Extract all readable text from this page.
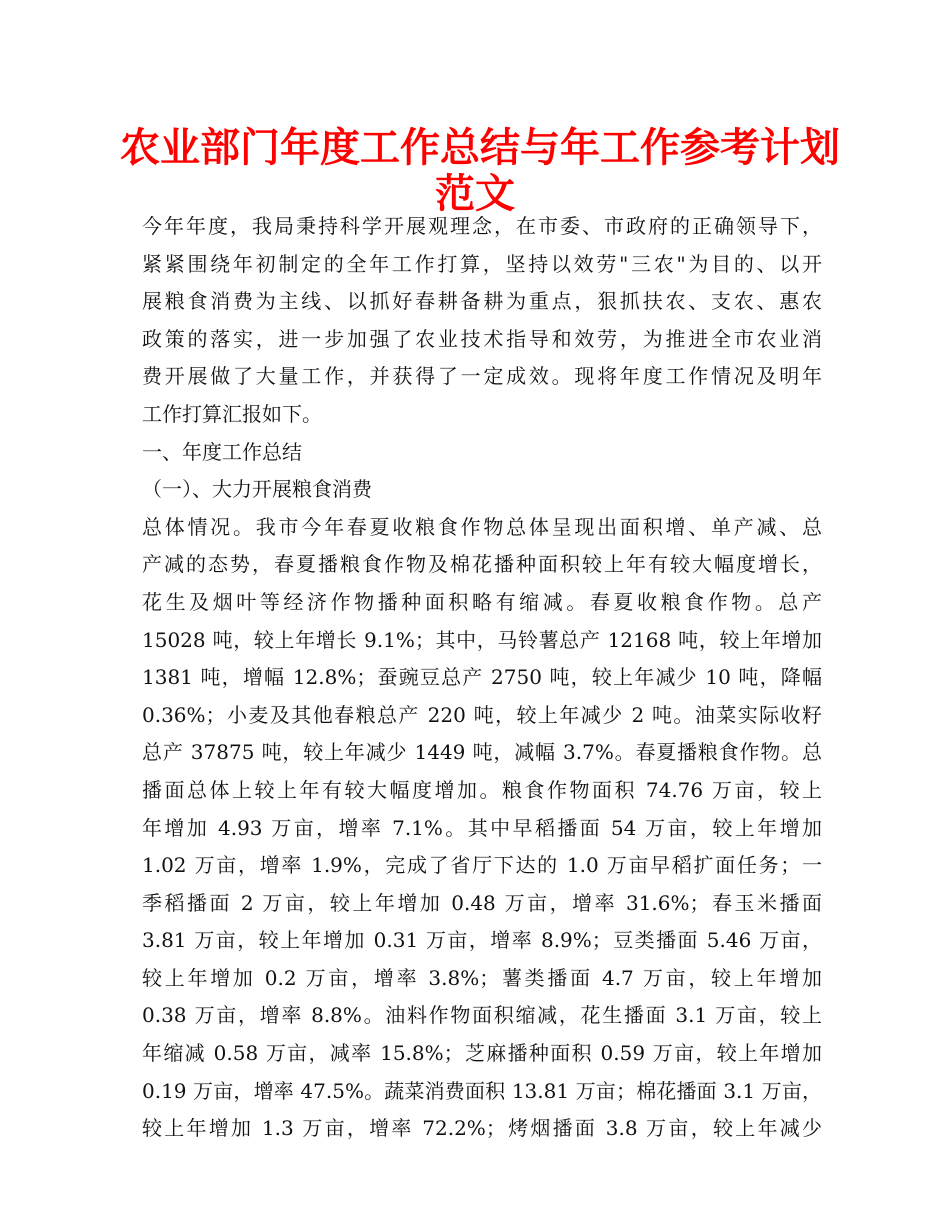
农业部门年度工作总结与年工作参考计划
范文
今年年度，我局秉持科学开展观理念，在市委、市政府的正确领导下，
紧紧围绕年初制定的全年工作打算，坚持以效劳"三农"为目的、以开
展粮食消费为主线、以抓好春耕备耕为重点，狠抓扶农、支农、惠农
政策的落实，进一步加强了农业技术指导和效劳，为推进全市农业消
费开展做了大量工作，并获得了一定成效。现将年度工作情况及明年
工作打算汇报如下。
一、年度工作总结
（一）、大力开展粮食消费
总体情况。我市今年春夏收粮食作物总体呈现出面积增、单产减、总
产减的态势，春夏播粮食作物及棉花播种面积较上年有较大幅度增长，
花生及烟叶等经济作物播种面积略有缩减。春夏收粮食作物。总产
15028 吨，较上年增长 9.1%；其中，马铃薯总产 12168 吨，较上年增加
1381 吨，增幅 12.8%；蚕豌豆总产 2750 吨，较上年减少 10 吨，降幅
0.36%；小麦及其他春粮总产 220 吨，较上年减少 2 吨。油菜实际收籽
总产 37875 吨，较上年减少 1449 吨，减幅 3.7%。春夏播粮食作物。总
播面总体上较上年有较大幅度增加。粮食作物面积 74.76 万亩，较上
年增加 4.93 万亩，增率 7.1%。其中早稻播面 54 万亩，较上年增加
1.02 万亩，增率 1.9%，完成了省厅下达的 1.0 万亩早稻扩面任务；一
季稻播面 2 万亩，较上年增加 0.48 万亩，增率 31.6%；春玉米播面
3.81 万亩，较上年增加 0.31 万亩，增率 8.9%；豆类播面 5.46 万亩，
较上年增加 0.2 万亩，增率 3.8%；薯类播面 4.7 万亩，较上年增加
0.38 万亩，增率 8.8%。油料作物面积缩减，花生播面 3.1 万亩，较上
年缩减 0.58 万亩，减率 15.8%；芝麻播种面积 0.59 万亩，较上年增加
0.19 万亩，增率 47.5%。蔬菜消费面积 13.81 万亩；棉花播面 3.1 万亩，
较上年增加 1.3 万亩，增率 72.2%；烤烟播面 3.8 万亩，较上年减少
